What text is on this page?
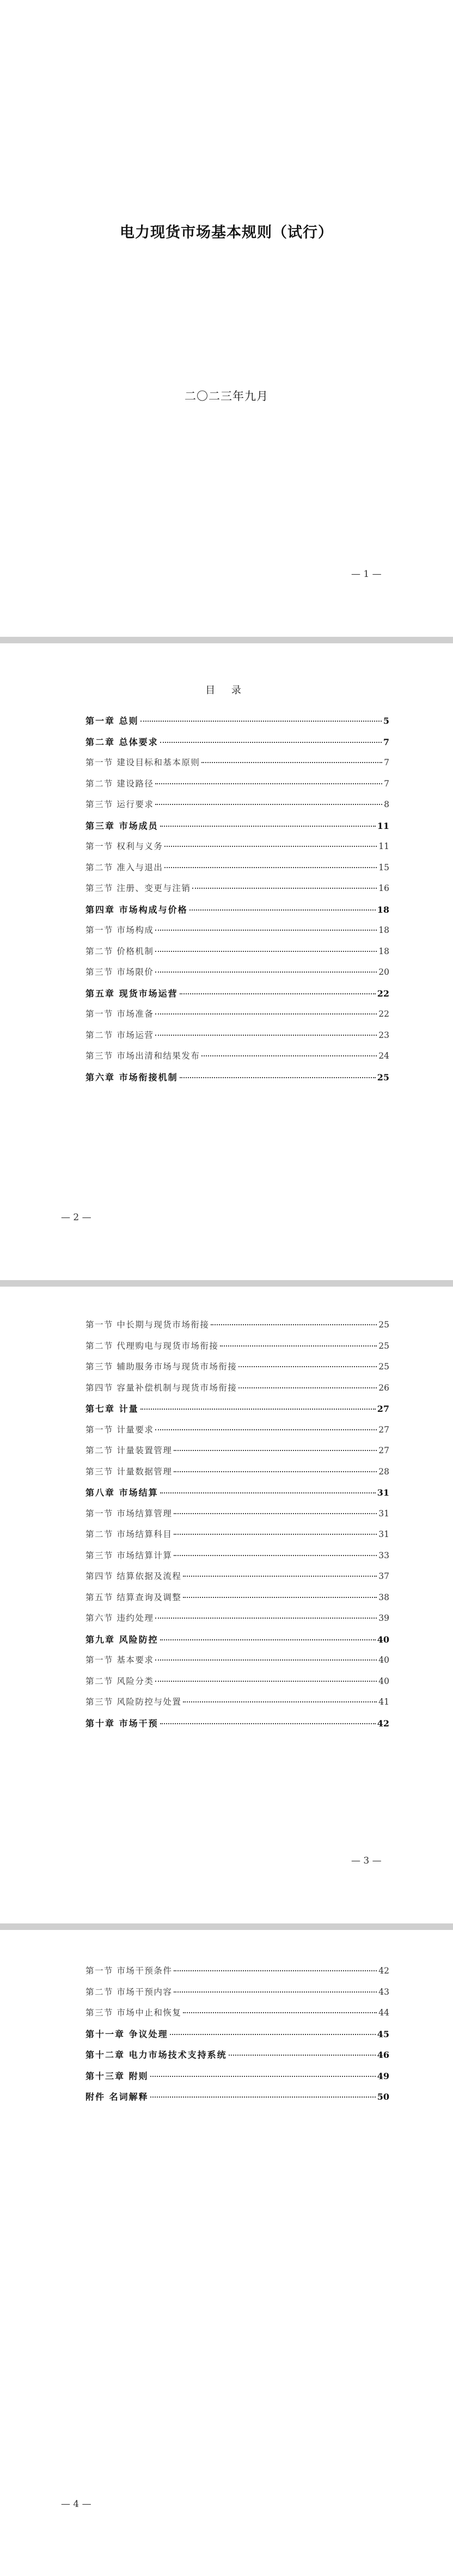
电力现货市场基本规则（试行）
二〇二三年九月
— 1 —
目 录
第一章 总则	5
第二章 总体要求	7
第一节 建设目标和基本原则	7
第二节 建设路径	7
第三节 运行要求	8
第三章 市场成员	11
第一节 权利与义务	11
第二节 准入与退出	15
第三节 注册、变更与注销	16
第四章 市场构成与价格	18
第一节 市场构成	18
第二节 价格机制	18
第三节 市场限价	20
第五章 现货市场运营	22
第一节 市场准备	22
第二节 市场运营	23
第三节 市场出清和结果发布	24
第六章 市场衔接机制	25
— 2 —
第一节 中长期与现货市场衔接	25
第二节 代理购电与现货市场衔接	25
第三节 辅助服务市场与现货市场衔接	25
第四节 容量补偿机制与现货市场衔接	26
第七章 计量	27
第一节 计量要求	27
第二节 计量装置管理	27
第三节 计量数据管理	28
第八章 市场结算	31
第一节 市场结算管理	31
第二节 市场结算科目	31
第三节 市场结算计算	33
第四节 结算依据及流程	37
第五节 结算查询及调整	38
第六节 违约处理	39
第九章 风险防控	40
第一节 基本要求	40
第二节 风险分类	40
第三节 风险防控与处置	41
第十章 市场干预	42
— 3 —
第一节 市场干预条件	42
第二节 市场干预内容	43
第三节 市场中止和恢复	44
第十一章 争议处理	45
第十二章 电力市场技术支持系统	46
第十三章 附则	49
附件 名词解释	50
— 4 —
